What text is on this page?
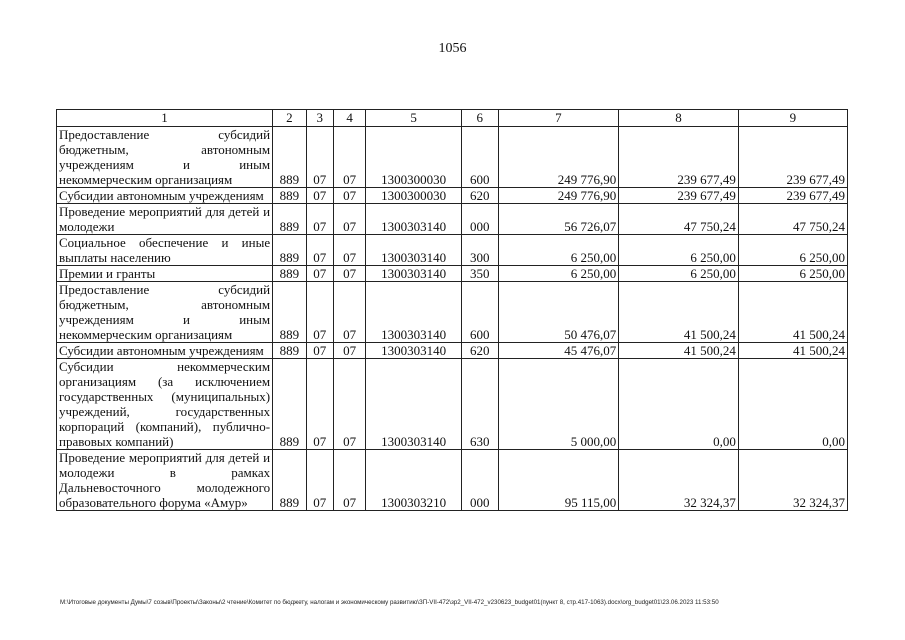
1056
1	2	3	4	5	6	7	8	9
Предоставление субсидий бюджетным, автономным учреждениям и иным некоммерческим организациям	889	07	07	1300300030	600	249 776,90	239 677,49	239 677,49
Субсидии автономным учреждениям	889	07	07	1300300030	620	249 776,90	239 677,49	239 677,49
Проведение мероприятий для детей и молодежи	889	07	07	1300303140	000	56 726,07	47 750,24	47 750,24
Социальное обеспечение и иные выплаты населению	889	07	07	1300303140	300	6 250,00	6 250,00	6 250,00
Премии и гранты	889	07	07	1300303140	350	6 250,00	6 250,00	6 250,00
Предоставление субсидий бюджетным, автономным учреждениям и иным некоммерческим организациям	889	07	07	1300303140	600	50 476,07	41 500,24	41 500,24
Субсидии автономным учреждениям	889	07	07	1300303140	620	45 476,07	41 500,24	41 500,24
Субсидии некоммерческим организациям (за исключением государственных (муниципальных) учреждений, государственных корпораций (компаний), публично-правовых компаний)	889	07	07	1300303140	630	5 000,00	0,00	0,00
Проведение мероприятий для детей и молодежи в рамках Дальневосточного молодежного образовательного форума «Амур»	889	07	07	1300303210	000	95 115,00	32 324,37	32 324,37
M:\Итоговые документы Думы\7 созыв\Проекты\Законы\2 чтение\Комитет по бюджету, налогам и экономическому развитию\ЗП-VII-472\зр2_VII-472_v230623_budget01(пункт 8, стр.417-1063).docx\org_budget01\23.06.2023 11:53:50
